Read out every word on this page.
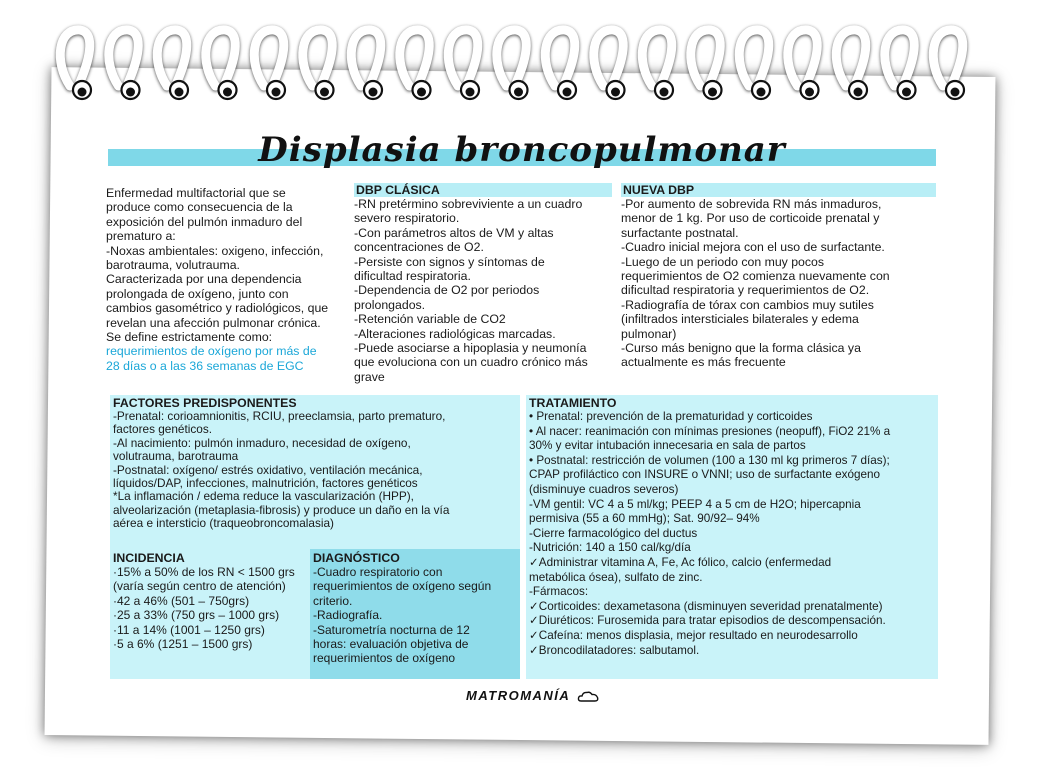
Displasia broncopulmonar
Enfermedad multifactorial que se
produce como consecuencia de la
exposición del pulmón inmaduro del
prematuro a:
-Noxas ambientales: oxigeno, infección,
barotrauma, volutrauma.
Caracterizada por una dependencia
prolongada de oxígeno, junto con
cambios gasométrico y radiológicos, que
revelan una afección pulmonar crónica.
Se define estrictamente como:
requerimientos de oxígeno por más de
28 días o a las 36 semanas de EGC
DBP CLÁSICA
-RN pretérmino sobreviviente a un cuadro
severo respiratorio.
-Con parámetros altos de VM y altas
concentraciones de O2.
-Persiste con signos y síntomas de
dificultad respiratoria.
-Dependencia de O2 por periodos
prolongados.
-Retención variable de CO2
-Alteraciones radiológicas marcadas.
-Puede asociarse a hipoplasia y neumonía
que evoluciona con un cuadro crónico más
grave
NUEVA DBP
-Por aumento de sobrevida RN más inmaduros,
menor de 1 kg. Por uso de corticoide prenatal y
surfactante postnatal.
-Cuadro inicial mejora con el uso de surfactante.
-Luego de un periodo con muy pocos
requerimientos de O2 comienza nuevamente con
dificultad respiratoria y requerimientos de O2.
-Radiografía de tórax con cambios muy sutiles
(infiltrados intersticiales bilaterales y edema
pulmonar)
-Curso más benigno que la forma clásica ya
actualmente es más frecuente
FACTORES PREDISPONENTES
-Prenatal: corioamnionitis, RCIU, preeclamsia, parto prematuro,
factores genéticos.
-Al nacimiento: pulmón inmaduro, necesidad de oxígeno,
volutrauma, barotrauma
-Postnatal: oxígeno/ estrés oxidativo, ventilación mecánica,
líquidos/DAP, infecciones, malnutrición, factores genéticos
*La inflamación / edema reduce la vascularización (HPP),
alveolarización (metaplasia-fibrosis) y produce un daño en la vía
aérea e intersticio (traqueobroncomalasia)
INCIDENCIA
·15% a 50% de los RN < 1500 grs
(varía según centro de atención)
·42 a 46% (501 – 750grs)
·25 a 33% (750 grs – 1000 grs)
·11 a 14% (1001 – 1250 grs)
·5 a 6% (1251 – 1500 grs)
DIAGNÓSTICO
-Cuadro respiratorio con
requerimientos de oxígeno según
criterio.
-Radiografía.
-Saturometría nocturna de 12
horas: evaluación objetiva de
requerimientos de oxígeno
TRATAMIENTO
• Prenatal: prevención de la prematuridad y corticoides
• Al nacer: reanimación con mínimas presiones (neopuff), FiO2 21% a
30% y evitar intubación innecesaria en sala de partos
• Postnatal: restricción de volumen (100 a 130 ml kg primeros 7 días);
CPAP profiláctico con INSURE o VNNI; uso de surfactante exógeno
(disminuye cuadros severos)
-VM gentil: VC 4 a 5 ml/kg; PEEP 4 a 5 cm de H2O; hipercapnia
permisiva (55 a 60 mmHg); Sat. 90/92– 94%
-Cierre farmacológico del ductus
-Nutrición: 140 a 150 cal/kg/día
✓Administrar vitamina A, Fe, Ac fólico, calcio (enfermedad
metabólica ósea), sulfato de zinc.
-Fármacos:
✓Corticoides: dexametasona (disminuyen severidad prenatalmente)
✓Diuréticos: Furosemida para tratar episodios de descompensación.
✓Cafeína: menos displasia, mejor resultado en neurodesarrollo
✓Broncodilatadores: salbutamol.
MATROMANÍA
